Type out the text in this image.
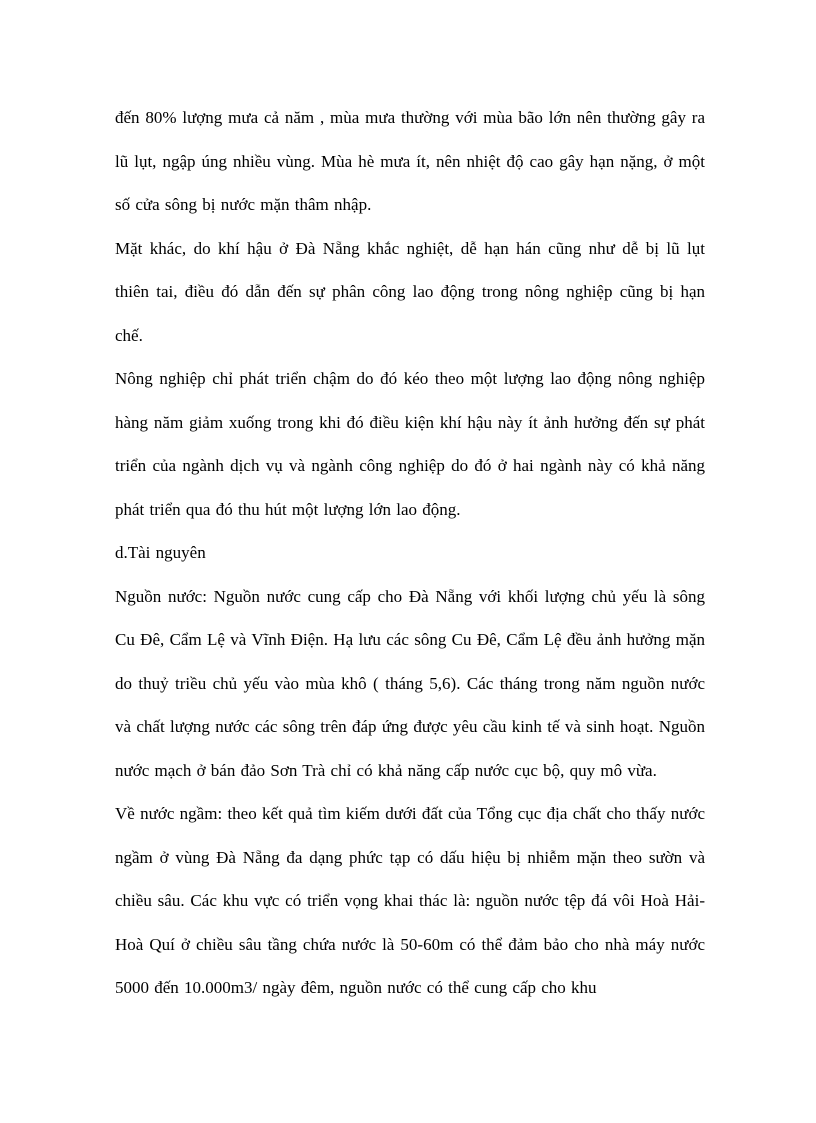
đến 80% lượng mưa cả năm , mùa mưa thường với mùa bão lớn nên thường gây ra lũ lụt, ngập úng nhiều vùng. Mùa hè mưa ít, nên nhiệt độ cao gây hạn nặng, ở một số cửa sông bị nước mặn thâm nhập.

Mặt khác, do khí hậu ở Đà Nẵng khắc nghiệt, dễ hạn hán cũng như dễ bị lũ lụt thiên tai, điều đó dẫn đến sự phân công lao động trong nông nghiệp cũng bị hạn chế.

Nông nghiệp chỉ phát triển chậm do đó kéo theo một lượng lao động nông nghiệp hàng năm giảm xuống trong khi đó điều kiện khí hậu này ít ảnh hưởng đến sự phát triển của ngành dịch vụ và ngành công nghiệp do đó ở hai ngành này có khả năng phát triển qua đó thu hút một lượng lớn lao động.

d.Tài nguyên

Nguồn nước: Nguồn nước cung cấp cho Đà Nẵng với khối lượng chủ yếu là sông Cu Đê, Cẩm Lệ và Vĩnh Điện. Hạ lưu các sông Cu Đê, Cẩm Lệ đều ảnh hưởng mặn do thuỷ triều chủ yếu vào mùa khô ( tháng 5,6). Các tháng trong năm nguồn nước và chất lượng nước các sông trên đáp ứng được yêu cầu kinh tế và sinh hoạt. Nguồn nước mạch ở bán đảo Sơn Trà chỉ có khả năng cấp nước cục bộ, quy mô vừa.

Về nước ngầm: theo kết quả tìm kiếm dưới đất của Tổng cục địa chất cho thấy nước ngầm ở vùng Đà Nẵng đa dạng phức tạp có dấu hiệu bị nhiễm mặn theo sườn và chiều sâu. Các khu vực có triển vọng khai thác là: nguồn nước tệp đá vôi Hoà Hải- Hoà Quí ở chiều sâu tầng chứa nước là 50-60m có thể đảm bảo cho nhà máy nước 5000 đến 10.000m3/ ngày đêm, nguồn nước có thể cung cấp cho khu
